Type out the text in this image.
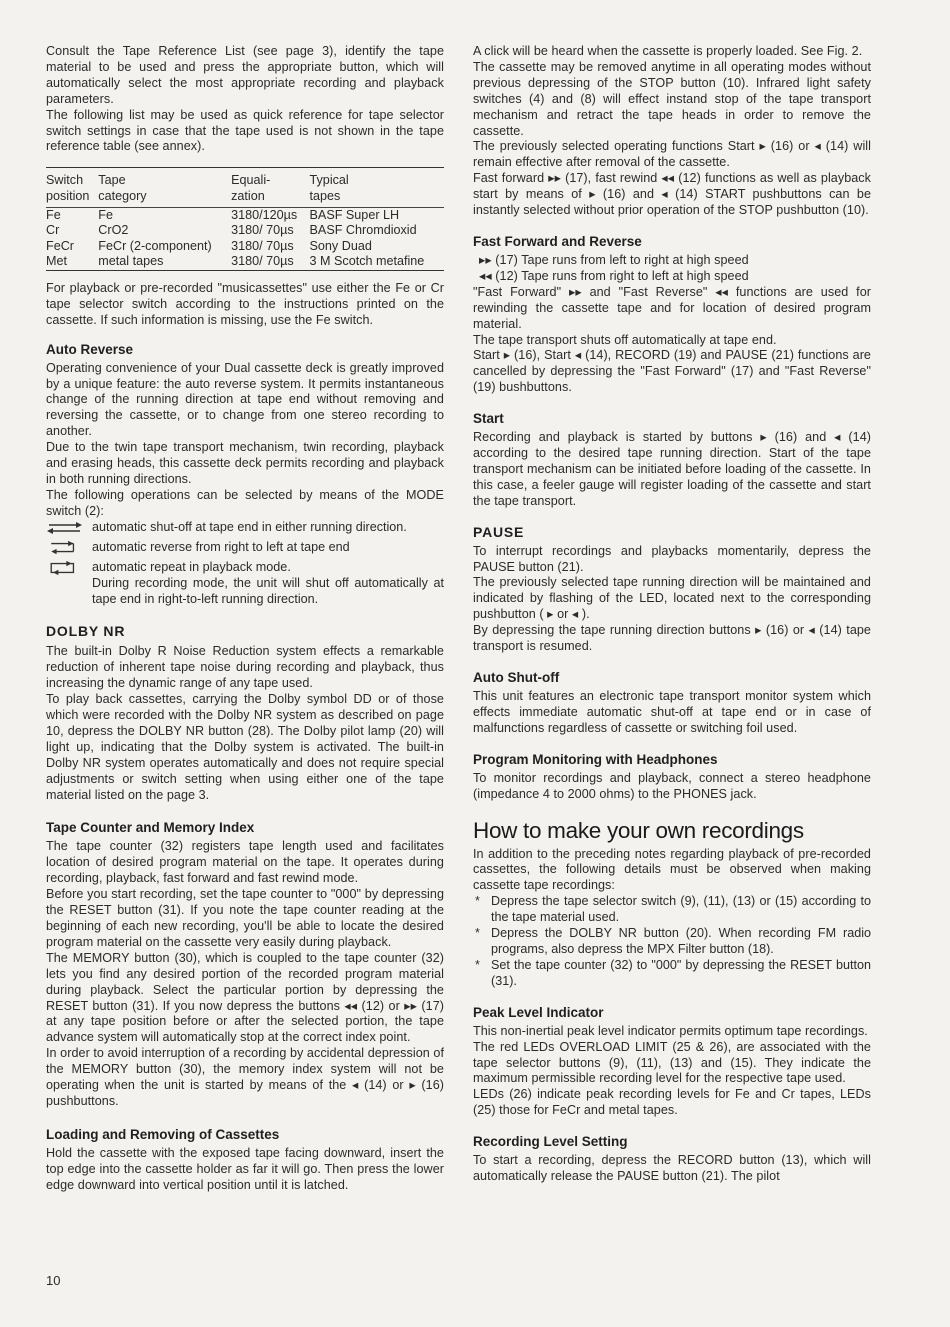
Consult the Tape Reference List (see page 3), identify the tape material to be used and press the appropriate button, which will automatically select the most appropriate recording and playback parameters.

The following list may be used as quick reference for tape selector switch settings in case that the tape used is not shown in the tape reference table (see annex).

Switch	Tape	Equali-	Typical
position	category	zation	tapes
Fe	Fe	3180/120µs	BASF Super LH
Cr	CrO2	3180/ 70µs	BASF Chromdioxid
FeCr	FeCr (2-component)	3180/ 70µs	Sony Duad
Met	metal tapes	3180/ 70µs	3 M Scotch metafine

For playback or pre-recorded "musicassettes" use either the Fe or Cr tape selector switch according to the instructions printed on the cassette. If such information is missing, use the Fe switch.

Auto Reverse

Operating convenience of your Dual cassette deck is greatly improved by a unique feature: the auto reverse system. It permits instantaneous change of the running direction at tape end without removing and reversing the cassette, or to change from one stereo recording to another.

Due to the twin tape transport mechanism, twin recording, playback and erasing heads, this cassette deck permits recording and playback in both running directions.

The following operations can be selected by means of the MODE switch (2):

automatic shut-off at tape end in either running direction.
automatic reverse from right to left at tape end
automatic repeat in playback mode.
During recording mode, the unit will shut off automatically at tape end in right-to-left running direction.
DOLBY NR

The built-in Dolby R Noise Reduction system effects a remarkable reduction of inherent tape noise during recording and playback, thus increasing the dynamic range of any tape used.

To play back cassettes, carrying the Dolby symbol DD or of those which were recorded with the Dolby NR system as described on page 10, depress the DOLBY NR button (28). The Dolby pilot lamp (20) will light up, indicating that the Dolby system is activated. The built-in Dolby NR system operates automatically and does not require special adjustments or switch setting when using either one of the tape material listed on the page 3.

Tape Counter and Memory Index

The tape counter (32) registers tape length used and facilitates location of desired program material on the tape. It operates during recording, playback, fast forward and fast rewind mode.

Before you start recording, set the tape counter to "000" by depressing the RESET button (31). If you note the tape counter reading at the beginning of each new recording, you'll be able to locate the desired program material on the cassette very easily during playback.

The MEMORY button (30), which is coupled to the tape counter (32) lets you find any desired portion of the recorded program material during playback. Select the particular portion by depressing the RESET button (31). If you now depress the buttons ◂◂ (12) or ▸▸ (17) at any tape position before or after the selected portion, the tape advance system will automatically stop at the correct index point.

In order to avoid interruption of a recording by accidental depression of the MEMORY button (30), the memory index system will not be operating when the unit is started by means of the ◂ (14) or ▸ (16) pushbuttons.

Loading and Removing of Cassettes

Hold the cassette with the exposed tape facing downward, insert the top edge into the cassette holder as far it will go. Then press the lower edge downward into vertical position until it is latched.

A click will be heard when the cassette is properly loaded. See Fig. 2.

The cassette may be removed anytime in all operating modes without previous depressing of the STOP button (10). Infrared light safety switches (4) and (8) will effect instand stop of the tape transport mechanism and retract the tape heads in order to remove the cassette.

The previously selected operating functions Start ▸ (16) or ◂ (14) will remain effective after removal of the cassette.

Fast forward ▸▸ (17), fast rewind ◂◂ (12) functions as well as playback start by means of ▸ (16) and ◂ (14) START pushbuttons can be instantly selected without prior operation of the STOP pushbutton (10).

Fast Forward and Reverse

▸▸ (17) Tape runs from left to right at high speed

◂◂ (12) Tape runs from right to left at high speed

"Fast Forward" ▸▸ and "Fast Reverse" ◂◂ functions are used for rewinding the cassette tape and for location of desired program material.

The tape transport shuts off automatically at tape end.

Start ▸ (16), Start ◂ (14), RECORD (19) and PAUSE (21) functions are cancelled by depressing the "Fast Forward" (17) and "Fast Reverse" (19) bushbuttons.

Start

Recording and playback is started by buttons ▸ (16) and ◂ (14) according to the desired tape running direction. Start of the tape transport mechanism can be initiated before loading of the cassette. In this case, a feeler gauge will register loading of the cassette and start the tape transport.

PAUSE

To interrupt recordings and playbacks momentarily, depress the PAUSE button (21).

The previously selected tape running direction will be maintained and indicated by flashing of the LED, located next to the corresponding pushbutton ( ▸ or ◂ ).

By depressing the tape running direction buttons ▸ (16) or ◂ (14) tape transport is resumed.

Auto Shut-off

This unit features an electronic tape transport monitor system which effects immediate automatic shut-off at tape end or in case of malfunctions regardless of cassette or switching foil used.

Program Monitoring with Headphones

To monitor recordings and playback, connect a stereo headphone (impedance 4 to 2000 ohms) to the PHONES jack.

How to make your own recordings

In addition to the preceding notes regarding playback of pre-recorded cassettes, the following details must be observed when making cassette tape recordings:

* Depress the tape selector switch (9), (11), (13) or (15) according to the tape material used.
* Depress the DOLBY NR button (20). When recording FM radio programs, also depress the MPX Filter button (18).
* Set the tape counter (32) to "000" by depressing the RESET button (31).
Peak Level Indicator

This non-inertial peak level indicator permits optimum tape recordings.

The red LEDs OVERLOAD LIMIT (25 & 26), are associated with the tape selector buttons (9), (11), (13) and (15). They indicate the maximum permissible recording level for the respective tape used.

LEDs (26) indicate peak recording levels for Fe and Cr tapes, LEDs (25) those for FeCr and metal tapes.

Recording Level Setting

To start a recording, depress the RECORD button (13), which will automatically release the PAUSE button (21). The pilot

10
